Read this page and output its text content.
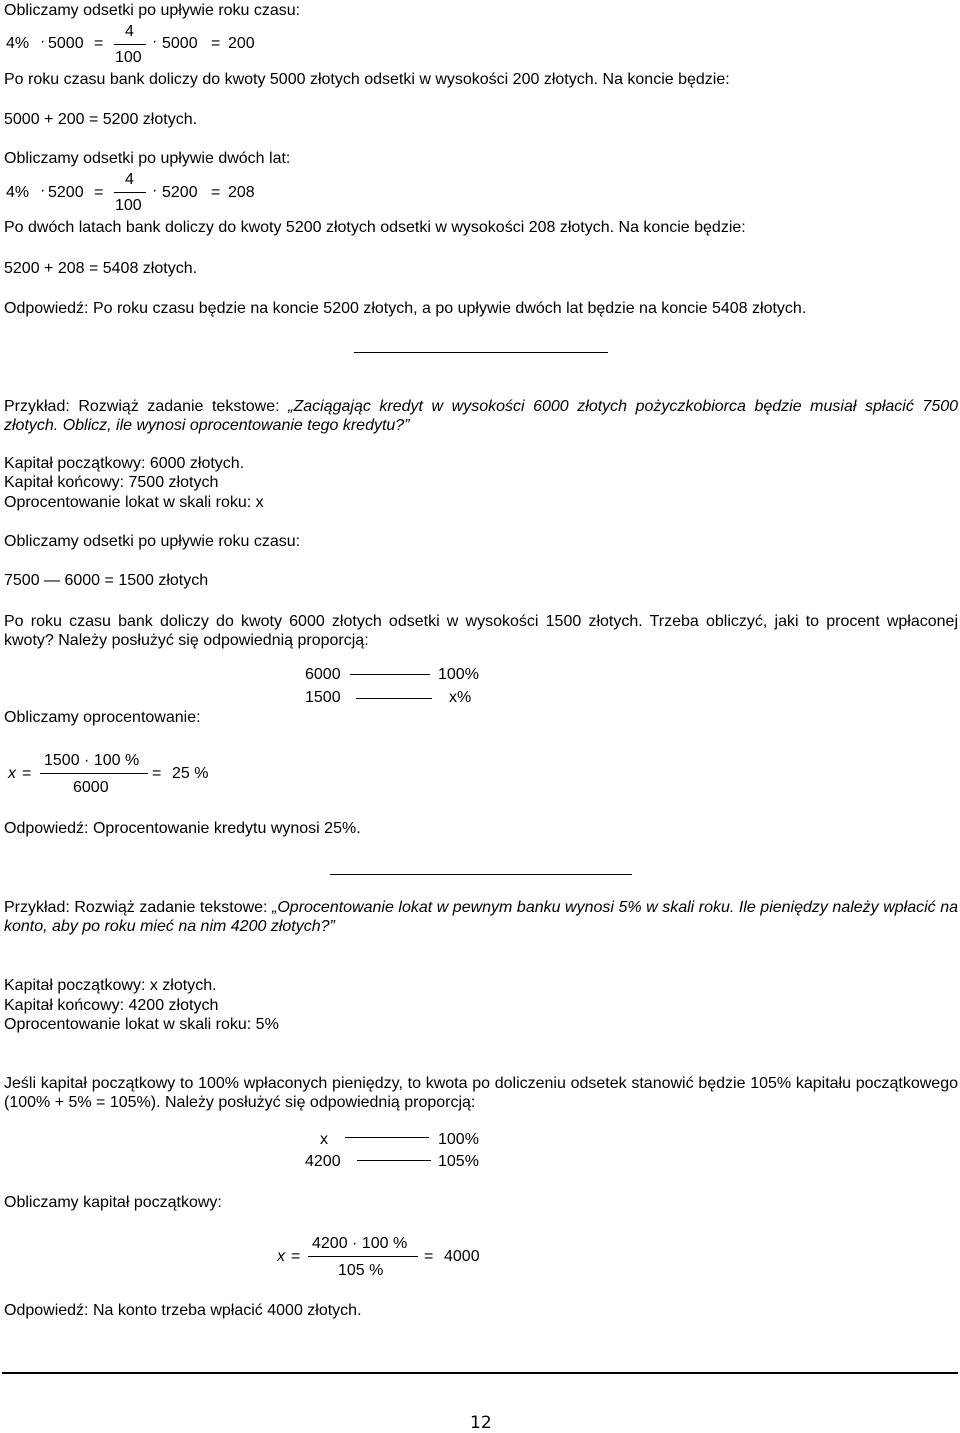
Obliczamy odsetki po upływie roku czasu:
4% · 5000 =
4
100
· 5000 = 200
Po roku czasu bank doliczy do kwoty 5000 złotych odsetki w wysokości 200 złotych. Na koncie będzie:
5000 + 200 = 5200 złotych.
Obliczamy odsetki po upływie dwóch lat:
4% · 5200 =
4
100
· 5200 = 208
Po dwóch latach bank doliczy do kwoty 5200 złotych odsetki w wysokości 208 złotych. Na koncie będzie:
5200 + 208 = 5408 złotych.
Odpowiedź: Po roku czasu będzie na koncie 5200 złotych, a po upływie dwóch lat będzie na koncie 5408 złotych.
Przykład: Rozwiąż zadanie tekstowe: „Zaciągając kredyt w wysokości 6000 złotych pożyczkobiorca będzie musiał spłacić 7500 złotych. Oblicz, ile wynosi oprocentowanie tego kredytu?”
Kapitał początkowy: 6000 złotych.
Kapitał końcowy: 7500 złotych
Oprocentowanie lokat w skali roku: x
Obliczamy odsetki po upływie roku czasu:
7500 — 6000 = 1500 złotych
Po roku czasu bank doliczy do kwoty 6000 złotych odsetki w wysokości 1500 złotych. Trzeba obliczyć, jaki to procent wpłaconej kwoty? Należy posłużyć się odpowiednią proporcją:
6000	100%
1500	x%
Obliczamy oprocentowanie:
x =
1500 · 100 %
6000
= 25 %
Odpowiedź: Oprocentowanie kredytu wynosi 25%.
Przykład: Rozwiąż zadanie tekstowe: „Oprocentowanie lokat w pewnym banku wynosi 5% w skali roku. Ile pieniędzy należy wpłacić na konto, aby po roku mieć na nim 4200 złotych?”
Kapitał początkowy: x złotych.
Kapitał końcowy: 4200 złotych
Oprocentowanie lokat w skali roku: 5%
Jeśli kapitał początkowy to 100% wpłaconych pieniędzy, to kwota po doliczeniu odsetek stanowić będzie 105% kapitału początkowego (100% + 5% = 105%). Należy posłużyć się odpowiednią proporcją:
x	100%
4200	105%
Obliczamy kapitał początkowy:
x =
4200 · 100 %
105 %
= 4000
Odpowiedź: Na konto trzeba wpłacić 4000 złotych.
12
